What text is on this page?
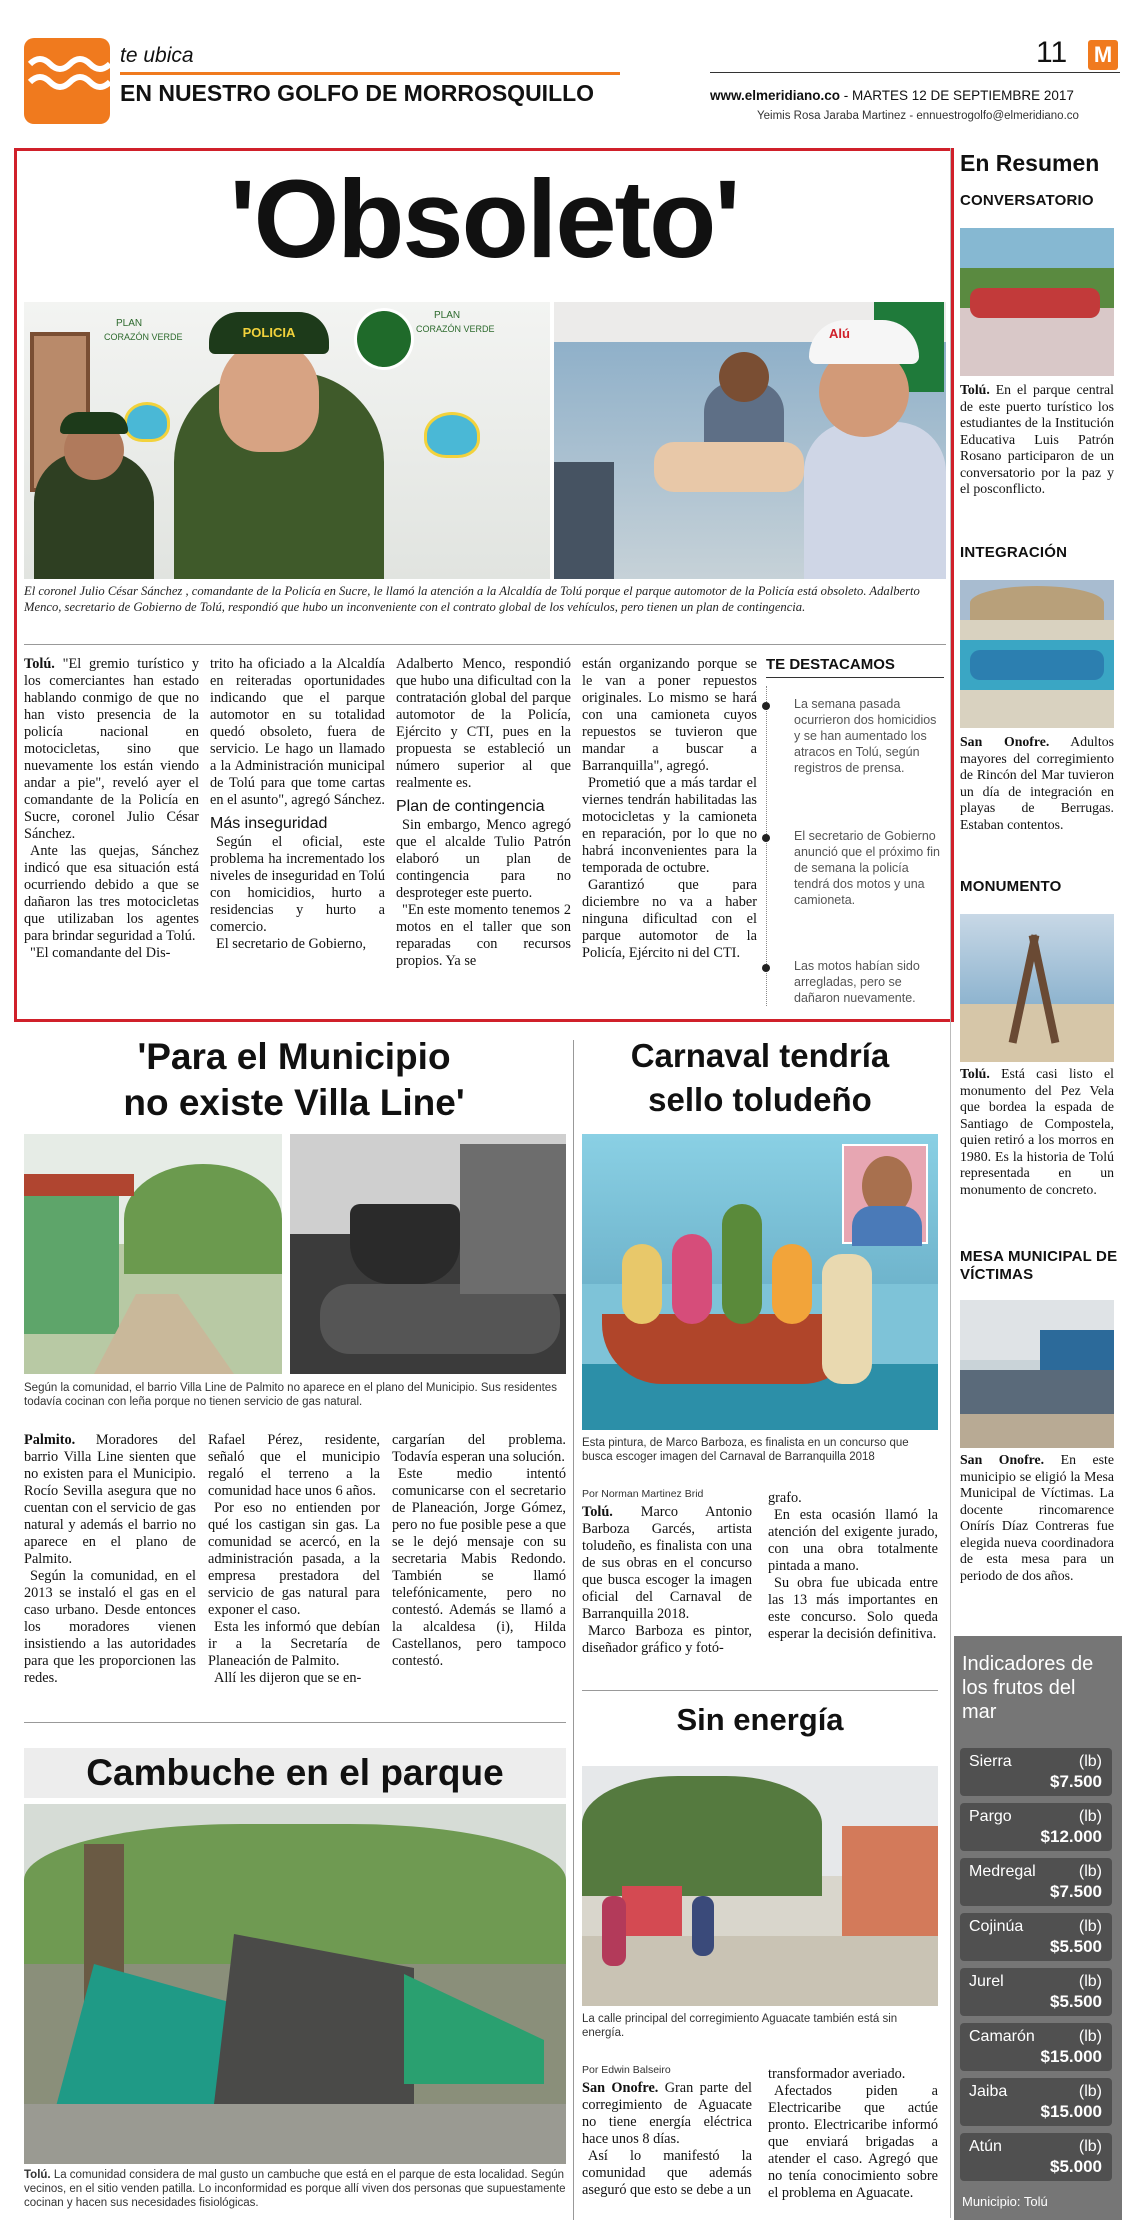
te ubica
EN NUESTRO GOLFO DE MORROSQUILLO
11 M
www.elmeridiano.co - MARTES 12 DE SEPTIEMBRE 2017
Yeimis Rosa Jaraba Martinez - ennuestrogolfo@elmeridiano.co
'Obsoleto'
PLAN
CORAZÓN VERDE
PLAN
CORAZÓN VERDE
POLICIA	Alú
El coronel Julio César Sánchez , comandante de la Policía en Sucre, le llamó la atención a la Alcaldía de Tolú porque el parque automotor de la Policía está obsoleto. Adalberto Menco, secretario de Gobierno de Tolú, respondió que hubo un inconveniente con el contrato global de los vehículos, pero tienen un plan de contingencia.

Tolú. "El gremio turístico y los comerciantes han estado hablando conmigo de que no han visto presencia de la policía nacional en motocicletas, sino que nuevamente los están viendo andar a pie", reveló ayer el comandante de la Policía en Sucre, coronel Julio César Sánchez.

Ante las quejas, Sánchez indicó que esa situación está ocurriendo debido a que se dañaron las tres motocicletas que utilizaban los agentes para brindar seguridad a Tolú.

"El comandante del Dis-

trito ha oficiado a la Alcaldía en reiteradas oportunidades indicando que el parque automotor en su totalidad quedó obsoleto, fuera de servicio. Le hago un llamado a la Administración municipal de Tolú para que tome cartas en el asunto", agregó Sánchez.

Más inseguridad

Según el oficial, este problema ha incrementado los niveles de inseguridad en Tolú con homicidios, hurto a residencias y hurto a comercio.

El secretario de Gobierno,

Adalberto Menco, respondió que hubo una dificultad con la contratación global del parque automotor de la Policía, Ejército y CTI, pues en la propuesta se estableció un número superior al que realmente es.

Plan de contingencia

Sin embargo, Menco agregó que el alcalde Tulio Patrón elaboró un plan de contingencia para no desproteger este puerto.

"En este momento tenemos 2 motos en el taller que son reparadas con recursos propios. Ya se

están organizando porque se le van a poner repuestos originales. Lo mismo se hará con una camioneta cuyos repuestos se tuvieron que mandar a buscar a Barranquilla", agregó.

Prometió que a más tardar el viernes tendrán habilitadas las motocicletas y la camioneta en reparación, por lo que no habrá inconvenientes para la temporada de octubre.

Garantizó que para diciembre no va a haber ninguna dificultad con el parque automotor de la Policía, Ejército ni del CTI.

TE DESTACAMOS
La semana pasada ocurrieron dos homicidios y se han aumentado los atracos en Tolú, según registros de prensa.
El secretario de Gobierno anunció que el próximo fin de semana la policía tendrá dos motos y una camioneta.
Las motos habían sido arregladas, pero se dañaron nuevamente.
'Para el Municipio
no existe Villa Line'
Según la comunidad, el barrio Villa Line de Palmito no aparece en el plano del Municipio. Sus residentes todavía cocinan con leña porque no tienen servicio de gas natural.

Palmito. Moradores del barrio Villa Line sienten que no existen para el Municipio. Rocío Sevilla asegura que no cuentan con el servicio de gas natural y además el barrio no aparece en el plano de Palmito.

Según la comunidad, en el 2013 se instaló el gas en el caso urbano. Desde entonces los moradores vienen insistiendo a las autoridades para que les proporcionen las redes.

Rafael Pérez, residente, señaló que el municipio regaló el terreno a la comunidad hace unos 6 años.

Por eso no entienden por qué los castigan sin gas. La comunidad se acercó, en la administración pasada, a la empresa prestadora del servicio de gas natural para exponer el caso.

Esta les informó que debían ir a la Secretaría de Planeación de Palmito.

Allí les dijeron que se en-

cargarían del problema. Todavía esperan una solución.

Este medio intentó comunicarse con el secretario de Planeación, Jorge Gómez, pero no fue posible pese a que se le dejó mensaje con su secretaria Mabis Redondo. También se llamó telefónicamente, pero no contestó. Además se llamó a la alcaldesa (i), Hilda Castellanos, pero tampoco contestó.

Carnaval tendría
sello toludeño
Esta pintura, de Marco Barboza, es finalista en un concurso que busca escoger imagen del Carnaval de Barranquilla 2018
Por Norman Martinez Brid

Tolú. Marco Antonio Barboza Garcés, artista toludeño, es finalista con una de sus obras en el concurso que busca escoger la imagen oficial del Carnaval de Barranquilla 2018.

Marco Barboza es pintor, diseñador gráfico y fotó-

grafo.

En esta ocasión llamó la atención del exigente jurado, con una obra totalmente pintada a mano.

Su obra fue ubicada entre las 13 más importantes en este concurso. Solo queda esperar la decisión definitiva.

Cambuche en el parque
Tolú. La comunidad considera de mal gusto un cambuche que está en el parque de esta localidad. Según vecinos, en el sitio venden patilla. Lo inconformidad es porque allí viven dos personas que supuestamente cocinan y hacen sus necesidades fisiológicas.
Sin energía
La calle principal del corregimiento Aguacate también está sin energía.
Por Edwin Balseiro

San Onofre. Gran parte del corregimiento de Aguacate no tiene energía eléctrica hace unos 8 días.

Así lo manifestó la comunidad que además aseguró que esto se debe a un

transformador averiado.

Afectados piden a Electricaribe que actúe pronto. Electricaribe informó que enviará brigadas a atender el caso. Agregó que no tenía conocimiento sobre el problema en Aguacate.

En Resumen
CONVERSATORIO
Tolú. En el parque central de este puerto turístico los estudiantes de la Institución Educativa Luis Patrón Rosano participaron de un conversatorio por la paz y el posconflicto.
INTEGRACIÓN
San Onofre. Adultos mayores del corregimiento de Rincón del Mar tuvieron un día de integración en playas de Berrugas. Estaban contentos.
MONUMENTO
Tolú. Está casi listo el monumento del Pez Vela que bordea la espada de Santiago de Compostela, quien retiró a los morros en 1980. Es la historia de Tolú representada en un monumento de concreto.
MESA MUNICIPAL DE VÍCTIMAS
San Onofre. En este municipio se eligió la Mesa Municipal de Víctimas. La docente rincomarence Onírís Díaz Contreras fue elegida nueva coordinadora de esta mesa para un periodo de dos años.
Indicadores de los frutos del mar
Sierra	(lb)
$7.500
Pargo	(lb)
$12.000
Medregal	(lb)
$7.500
Cojinúa	(lb)
$5.500
Jurel	(lb)
$5.500
Camarón	(lb)
$15.000
Jaiba	(lb)
$15.000
Atún	(lb)
$5.000
Municipio: Tolú
